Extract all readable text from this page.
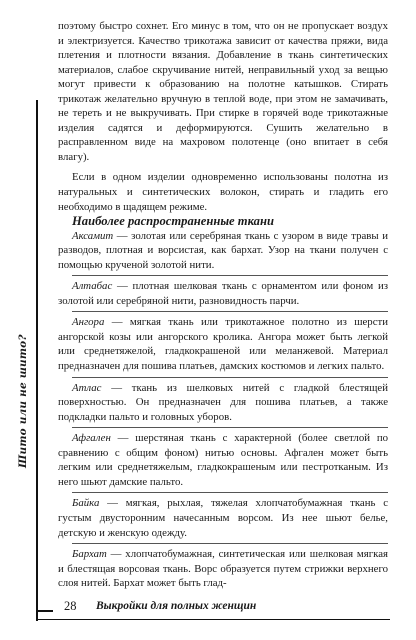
Шито или не шито?

поэтому быстро сохнет. Его минус в том, что он не пропускает воздух и электризуется. Качество трикотажа зависит от качества пряжи, вида плетения и плотности вязания. Добавление в ткань синтетических материалов, слабое скручивание нитей, неправильный уход за вещью могут привести к образованию на полотне катышков. Стирать трикотаж желательно вручную в теплой воде, при этом не замачивать, не тереть и не выкручивать. При стирке в горячей воде трикотажные изделия садятся и деформируются. Сушить желательно в расправленном виде на махровом полотенце (оно впитает в себя влагу).

Если в одном изделии одновременно использованы полотна из натуральных и синтетических волокон, стирать и гладить его необходимо в щадящем режиме.

Наиболее распространенные ткани

Аксамит — золотая или серебряная ткань с узором в виде травы и разводов, плотная и ворсистая, как бархат. Узор на ткани получен с помощью крученой золотой нити.

Алтабас — плотная шелковая ткань с орнаментом или фоном из золотой или серебряной нити, разновидность парчи.

Ангора — мягкая ткань или трикотажное полотно из шерсти ангорской козы или ангорского кролика. Ангора может быть легкой или среднетяжелой, гладкокрашеной или меланжевой. Материал предназначен для пошива платьев, дамских костюмов и легких пальто.

Атлас — ткань из шелковых нитей с гладкой блестящей поверхностью. Он предназначен для пошива платьев, а также подкладки пальто и головных уборов.

Афгален — шерстяная ткань с характерной (более светлой по сравнению с общим фоном) нитью основы. Афгален может быть легким или среднетяжелым, гладкокрашеным или пестротканым. Из него шьют дамские пальто.

Байка — мягкая, рыхлая, тяжелая хлопчатобумажная ткань с густым двусторонним начесанным ворсом. Из нее шьют белье, детскую и женскую одежду.

Бархат — хлопчатобумажная, синтетическая или шелковая мягкая и блестящая ворсовая ткань. Ворс образуется путем стрижки верхнего слоя нитей. Бархат может быть глад-

28 Выкройки для полных женщин
